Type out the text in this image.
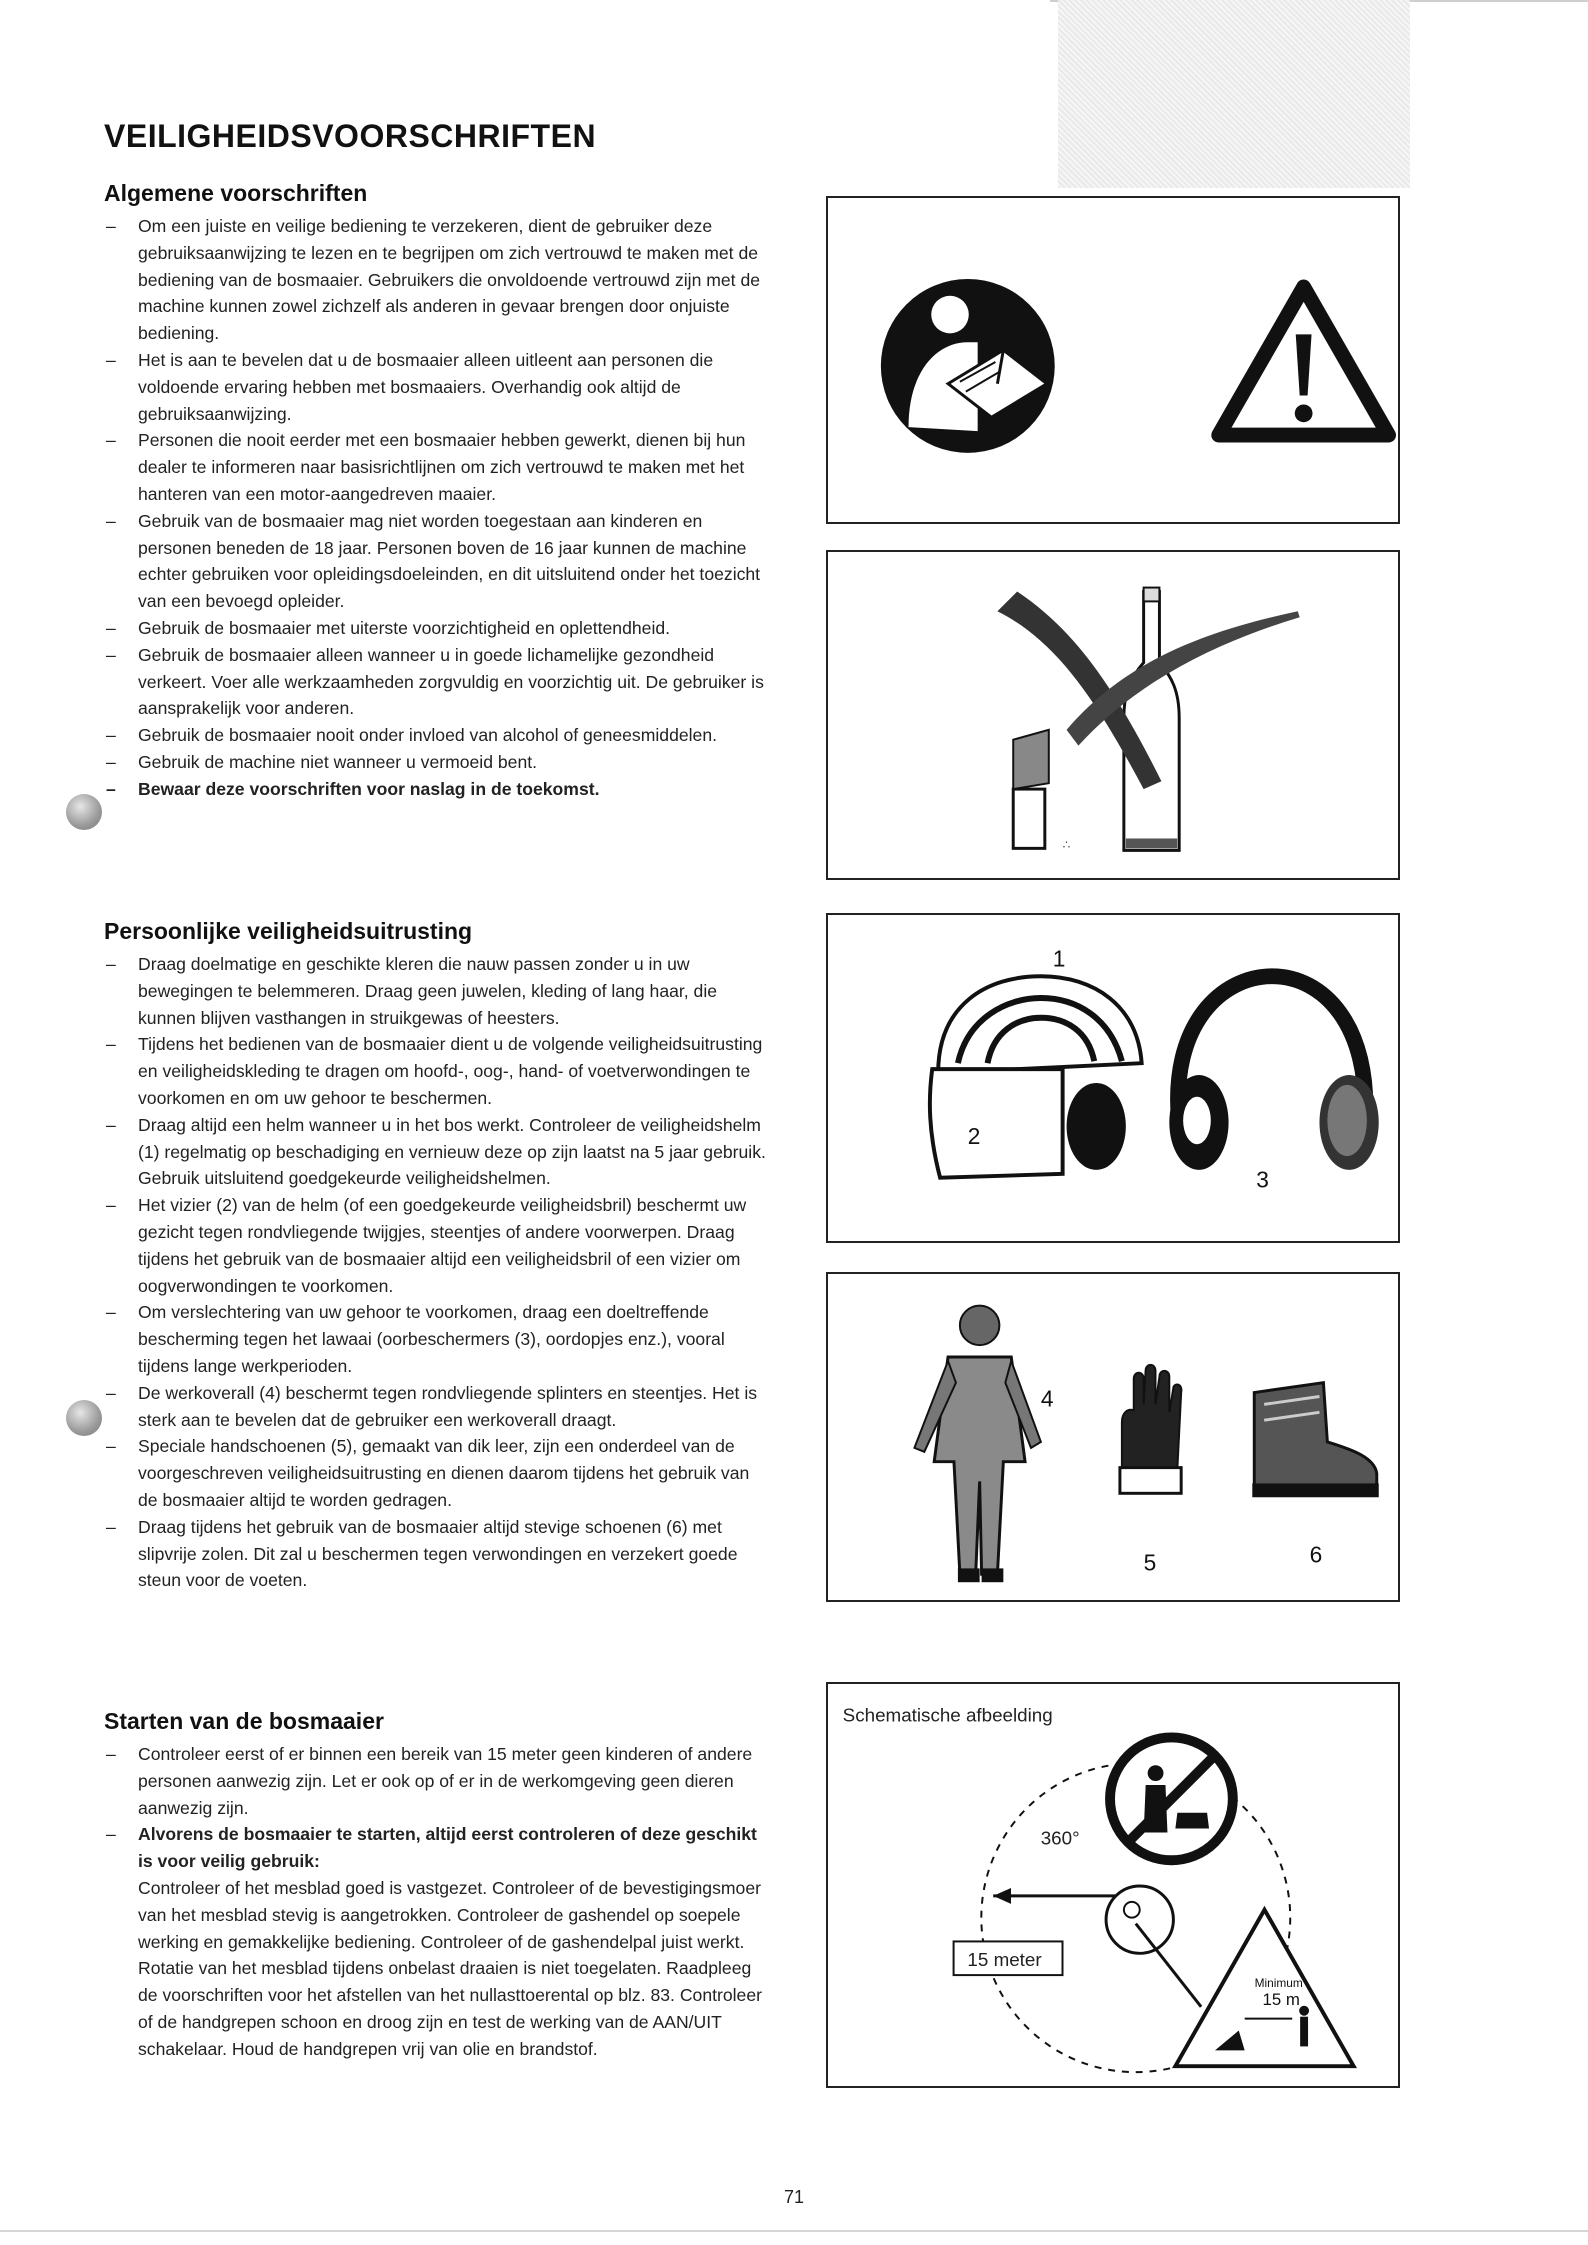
VEILIGHEIDSVOORSCHRIFTEN
Algemene voorschriften
– Om een juiste en veilige bediening te verzekeren, dient de gebruiker deze gebruiksaanwijzing te lezen en te begrijpen om zich vertrouwd te maken met de bediening van de bosmaaier. Gebruikers die onvoldoende vertrouwd zijn met de machine kunnen zowel zichzelf als anderen in gevaar brengen door onjuiste bediening.
– Het is aan te bevelen dat u de bosmaaier alleen uitleent aan personen die voldoende ervaring hebben met bosmaaiers. Overhandig ook altijd de gebruiksaanwijzing.
– Personen die nooit eerder met een bosmaaier hebben gewerkt, dienen bij hun dealer te informeren naar basisrichtlijnen om zich vertrouwd te maken met het hanteren van een motor-aangedreven maaier.
– Gebruik van de bosmaaier mag niet worden toegestaan aan kinderen en personen beneden de 18 jaar. Personen boven de 16 jaar kunnen de machine echter gebruiken voor opleidingsdoeleinden, en dit uitsluitend onder het toezicht van een bevoegd opleider.
– Gebruik de bosmaaier met uiterste voorzichtigheid en oplettendheid.
– Gebruik de bosmaaier alleen wanneer u in goede lichamelijke gezondheid verkeert. Voer alle werkzaamheden zorgvuldig en voorzichtig uit. De gebruiker is aansprakelijk voor anderen.
– Gebruik de bosmaaier nooit onder invloed van alcohol of geneesmiddelen.
– Gebruik de machine niet wanneer u vermoeid bent.
– Bewaar deze voorschriften voor naslag in de toekomst.
Persoonlijke veiligheidsuitrusting
– Draag doelmatige en geschikte kleren die nauw passen zonder u in uw bewegingen te belemmeren. Draag geen juwelen, kleding of lang haar, die kunnen blijven vasthangen in struikgewas of heesters.
– Tijdens het bedienen van de bosmaaier dient u de volgende veiligheidsuitrusting en veiligheidskleding te dragen om hoofd-, oog-, hand- of voetverwondingen te voorkomen en om uw gehoor te beschermen.
– Draag altijd een helm wanneer u in het bos werkt. Controleer de veiligheidshelm (1) regelmatig op beschadiging en vernieuw deze op zijn laatst na 5 jaar gebruik. Gebruik uitsluitend goedgekeurde veiligheidshelmen.
– Het vizier (2) van de helm (of een goedgekeurde veiligheidsbril) beschermt uw gezicht tegen rondvliegende twijgjes, steentjes of andere voorwerpen. Draag tijdens het gebruik van de bosmaaier altijd een veiligheidsbril of een vizier om oogverwondingen te voorkomen.
– Om verslechtering van uw gehoor te voorkomen, draag een doeltreffende bescherming tegen het lawaai (oorbeschermers (3), oordopjes enz.), vooral tijdens lange werkperioden.
– De werkoverall (4) beschermt tegen rondvliegende splinters en steentjes. Het is sterk aan te bevelen dat de gebruiker een werkoverall draagt.
– Speciale handschoenen (5), gemaakt van dik leer, zijn een onderdeel van de voorgeschreven veiligheidsuitrusting en dienen daarom tijdens het gebruik van de bosmaaier altijd te worden gedragen.
– Draag tijdens het gebruik van de bosmaaier altijd stevige schoenen (6) met slipvrije zolen. Dit zal u beschermen tegen verwondingen en verzekert goede steun voor de voeten.
Starten van de bosmaaier
– Controleer eerst of er binnen een bereik van 15 meter geen kinderen of andere personen aanwezig zijn. Let er ook op of er in de werkomgeving geen dieren aanwezig zijn.
– Alvorens de bosmaaier te starten, altijd eerst controleren of deze geschikt is voor veilig gebruik:
Controleer of het mesblad goed is vastgezet. Controleer of de bevestigingsmoer van het mesblad stevig is aangetrokken. Controleer de gashendel op soepele werking en gemakkelijke bediening. Controleer of de gashendelpal juist werkt. Rotatie van het mesblad tijdens onbelast draaien is niet toegelaten. Raadpleeg de voorschriften voor het afstellen van het nullasttoerental op blz. 83. Controleer of de handgrepen schoon en droog zijn en test de werking van de AAN/UIT schakelaar. Houd de handgrepen vrij van olie en brandstof.
∴
1
2
3
4
5	6
Schematische afbeelding
360°
15 meter
Minimum
15 m
71
